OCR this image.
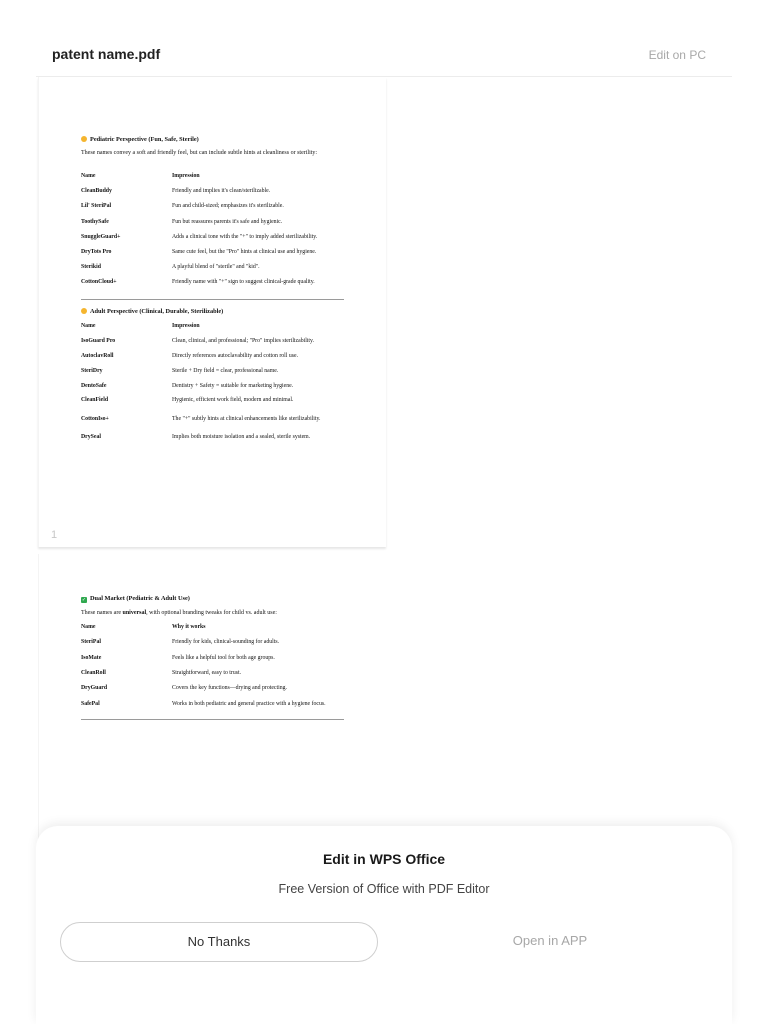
patent name.pdf	Edit on PC
Pediatric Perspective (Fun, Safe, Sterile)
These names convey a soft and friendly feel, but can include subtle hints at cleanliness or sterility:
Name	Impression
CleanBuddy	Friendly and implies it's clean/sterilizable.
Lil' SteriPal	Fun and child-sized; emphasizes it's sterilizable.
ToothySafe	Fun but reassures parents it's safe and hygienic.
SnuggleGuard+	Adds a clinical tone with the "+" to imply added sterilizability.
DryTots Pro	Same cute feel, but the "Pro" hints at clinical use and hygiene.
Sterikid	A playful blend of "sterile" and "kid".
CottonCloud+	Friendly name with "+" sign to suggest clinical-grade quality.
Adult Perspective (Clinical, Durable, Sterilizable)
Name	Impression
IsoGuard Pro	Clean, clinical, and professional; "Pro" implies sterilizability.
AutoclavRoll	Directly references autoclavability and cotton roll use.
SteriDry	Sterile + Dry field = clear, professional name.
DentoSafe	Dentistry + Safety = suitable for marketing hygiene.
CleanField	Hygienic, efficient work field, modern and minimal.
CottonIso+	The "+" subtly hints at clinical enhancements like sterilizability.
DrySeal	Implies both moisture isolation and a sealed, sterile system.
1
✓ Dual Market (Pediatric & Adult Use)
These names are universal, with optional branding tweaks for child vs. adult use:
Name	Why it works
SteriPal	Friendly for kids, clinical-sounding for adults.
IsoMate	Feels like a helpful tool for both age groups.
CleanRoll	Straightforward, easy to trust.
DryGuard	Covers the key functions—drying and protecting.
SafePal	Works in both pediatric and general practice with a hygiene focus.
Edit in WPS Office
Free Version of Office with PDF Editor
No Thanks	Open in APP
